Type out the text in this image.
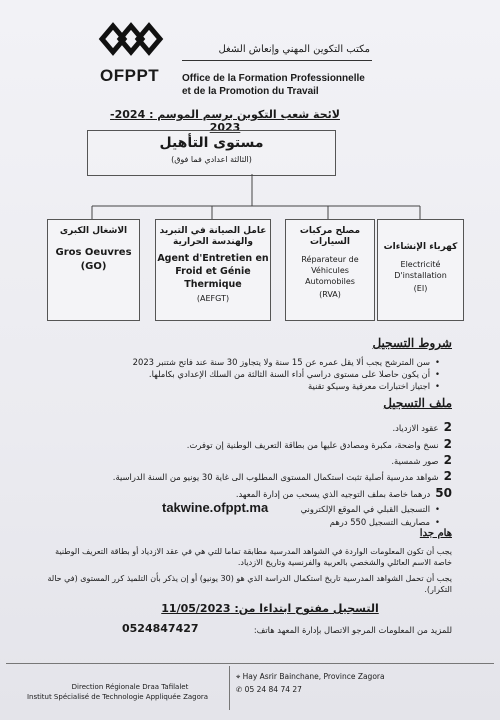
OFPPT
مكتب التكوين المهني وإنعاش الشغل
Office de la Formation Professionnelle
et de la Promotion du Travail
لائحة شعب التكوين برسم الموسم : 2024-2023
مستوى التأهيل
(الثالثة اعدادي فما فوق)
الاشغال الكبرى
Gros Oeuvres
(GO)
عامل الصيانة في التبريد والهندسة الحرارية
Agent d'Entretien en Froid et Génie Thermique
(AEFGT)
مصلح مركبات السيارات
Réparateur de Véhicules Automobiles
(RVA)
كهرباء الإنشاءات
Electricité D'installation
(EI)
شروط التسجيل
• سن المترشح يجب ألا يقل عمره عن 15 سنة ولا يتجاوز 30 سنة عند فاتح شتنبر 2023
• أن يكون حاصلا على مستوى دراسي أداء السنة الثالثة من السلك الإعدادي بكاملها.
• اجتياز اختبارات معرفية وسيكو تقنية
ملف التسجيل
2 عقود الازدياد.
2 نسخ واضحة، مكبرة ومصادق عليها من بطاقة التعريف الوطنية إن توفرت.
2 صور شمسية.
2 شواهد مدرسية أصلية تثبت استكمال المستوى المطلوب الى غاية 30 يونيو من السنة الدراسية.
50 درهما خاصة بملف التوجيه الذي يسحب من إدارة المعهد.
• التسجيل القبلي في الموقع الإلكتروني
takwine.ofppt.ma
• مصاريف التسجيل 550 درهم
هام جدا
يجب أن تكون المعلومات الواردة في الشواهد المدرسية مطابقة تماما للتي هي في عقد الازدياد أو بطاقة التعريف الوطنية خاصة الاسم العائلي والشخصي بالعربية والفرنسية وتاريخ الازدياد.
يجب أن تحمل الشواهد المدرسية تاريخ استكمال الدراسة الذي هو (30 يونيو) أو إن يذكر بأن التلميذ كرر المستوى (في حالة التكرار).
التسجيل مفتوح ابتداءا من: 11/05/2023
للمزيد من المعلومات المرجو الاتصال بإدارة المعهد هاتف:
0524847427
Direction Régionale Draa Tafilalet
Institut Spécialisé de Technologie Appliquée Zagora
⌖ Hay Asrir Bainchane, Province Zagora
✆ 05 24 84 74 27
